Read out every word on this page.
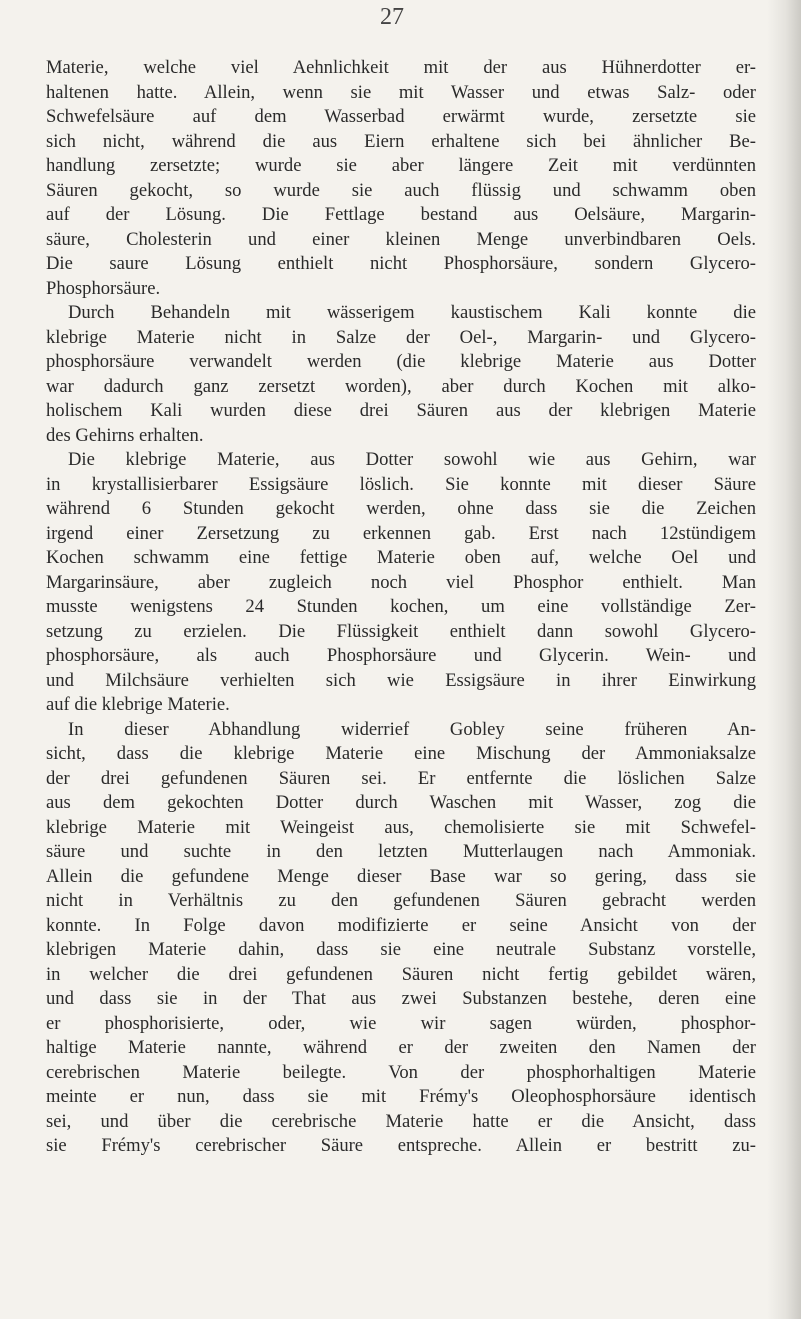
27
Materie, welche viel Aehnlichkeit mit der aus Hühnerdotter er-
haltenen hatte. Allein, wenn sie mit Wasser und etwas Salz- oder
Schwefelsäure auf dem Wasserbad erwärmt wurde, zersetzte sie
sich nicht, während die aus Eiern erhaltene sich bei ähnlicher Be-
handlung zersetzte; wurde sie aber längere Zeit mit verdünnten
Säuren gekocht, so wurde sie auch flüssig und schwamm oben
auf der Lösung. Die Fettlage bestand aus Oelsäure, Margarin-
säure, Cholesterin und einer kleinen Menge unverbindbaren Oels.
Die saure Lösung enthielt nicht Phosphorsäure, sondern Glycero-
Phosphorsäure.
Durch Behandeln mit wässerigem kaustischem Kali konnte die
klebrige Materie nicht in Salze der Oel-, Margarin- und Glycero-
phosphorsäure verwandelt werden (die klebrige Materie aus Dotter
war dadurch ganz zersetzt worden), aber durch Kochen mit alko-
holischem Kali wurden diese drei Säuren aus der klebrigen Materie
des Gehirns erhalten.
Die klebrige Materie, aus Dotter sowohl wie aus Gehirn, war
in krystallisierbarer Essigsäure löslich. Sie konnte mit dieser Säure
während 6 Stunden gekocht werden, ohne dass sie die Zeichen
irgend einer Zersetzung zu erkennen gab. Erst nach 12stündigem
Kochen schwamm eine fettige Materie oben auf, welche Oel und
Margarinsäure, aber zugleich noch viel Phosphor enthielt. Man
musste wenigstens 24 Stunden kochen, um eine vollständige Zer-
setzung zu erzielen. Die Flüssigkeit enthielt dann sowohl Glycero-
phosphorsäure, als auch Phosphorsäure und Glycerin. Wein- und
und Milchsäure verhielten sich wie Essigsäure in ihrer Einwirkung
auf die klebrige Materie.
In dieser Abhandlung widerrief Gobley seine früheren An-
sicht, dass die klebrige Materie eine Mischung der Ammoniaksalze
der drei gefundenen Säuren sei. Er entfernte die löslichen Salze
aus dem gekochten Dotter durch Waschen mit Wasser, zog die
klebrige Materie mit Weingeist aus, chemolisierte sie mit Schwefel-
säure und suchte in den letzten Mutterlaugen nach Ammoniak.
Allein die gefundene Menge dieser Base war so gering, dass sie
nicht in Verhältnis zu den gefundenen Säuren gebracht werden
konnte. In Folge davon modifizierte er seine Ansicht von der
klebrigen Materie dahin, dass sie eine neutrale Substanz vorstelle,
in welcher die drei gefundenen Säuren nicht fertig gebildet wären,
und dass sie in der That aus zwei Substanzen bestehe, deren eine
er phosphorisierte, oder, wie wir sagen würden, phosphor-
haltige Materie nannte, während er der zweiten den Namen der
cerebrischen Materie beilegte. Von der phosphorhaltigen Materie
meinte er nun, dass sie mit Frémy's Oleophosphorsäure identisch
sei, und über die cerebrische Materie hatte er die Ansicht, dass
sie Frémy's cerebrischer Säure entspreche. Allein er bestritt zu-
